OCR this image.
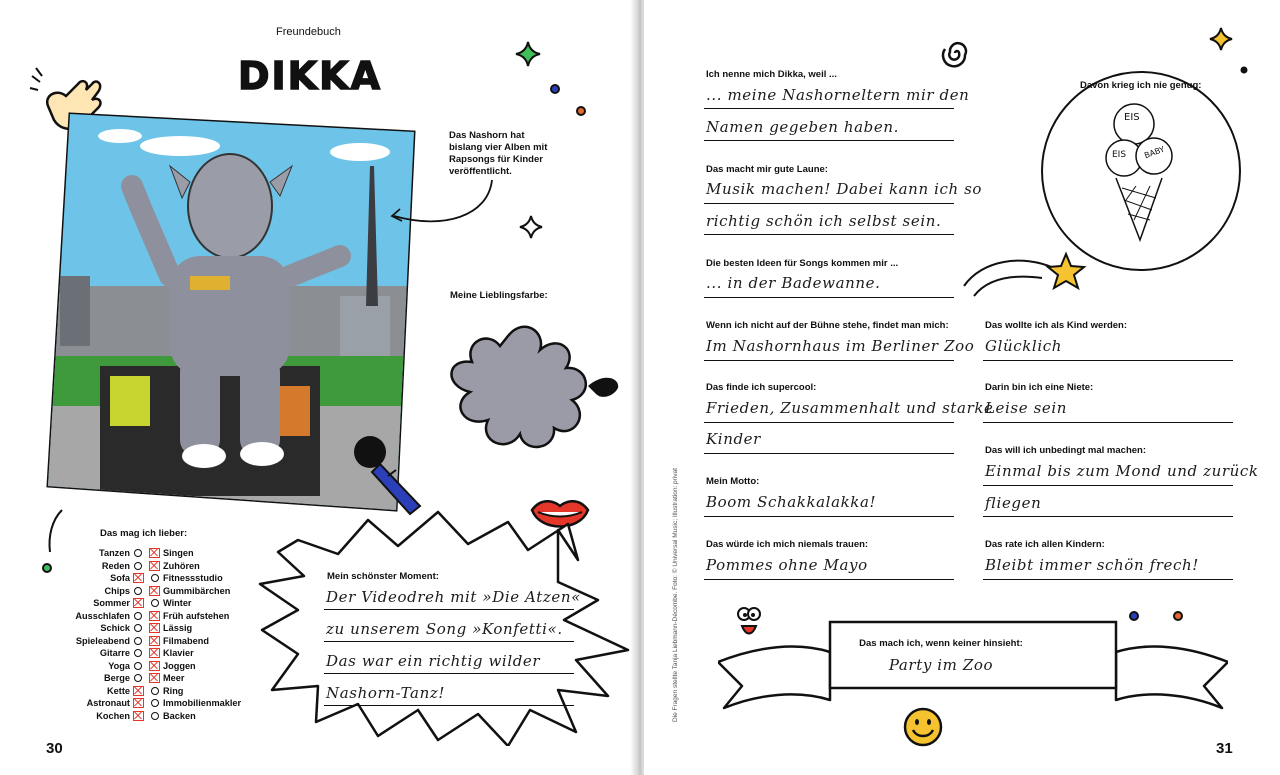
Freundebuch
DIKKA
Das Nashorn hat bislang vier Alben mit Rapsongs für Kinder veröffentlicht.
Meine Lieblingsfarbe:
Das mag ich lieber:
Tanzen	Singen
Reden	Zuhören
Sofa	Fitnessstudio
Chips	Gummibärchen
Sommer	Winter
Ausschlafen	Früh aufstehen
Schick	Lässig
Spieleabend	Filmabend
Gitarre	Klavier
Yoga	Joggen
Berge	Meer
Kette	Ring
Astronaut	Immobilienmakler
Kochen	Backen
Mein schönster Moment:
Der Videodreh mit »Die Atzen«
zu unserem Song »Konfetti«.
Das war ein richtig wilder
Nashorn-Tanz!
30
Die Fragen stellte Tanja Liebmann-Décombe. Foto: © Universal Music; Illustration: privat
Ich nenne mich Dikka, weil ...
... meine Nashorneltern mir den
Namen gegeben haben.
Das macht mir gute Laune:
Musik machen! Dabei kann ich so
richtig schön ich selbst sein.
Die besten Ideen für Songs kommen mir ...
... in der Badewanne.
Davon krieg ich nie genug:
EIS
EIS BABY
Wenn ich nicht auf der Bühne stehe, findet man mich:
Im Nashornhaus im Berliner Zoo
Das wollte ich als Kind werden:
Glücklich
Das finde ich supercool:
Frieden, Zusammenhalt und starke
Kinder
Darin bin ich eine Niete:
Leise sein
Das will ich unbedingt mal machen:
Einmal bis zum Mond und zurück
fliegen
Mein Motto:
Boom Schakkalakka!
Das würde ich mich niemals trauen:
Pommes ohne Mayo
Das rate ich allen Kindern:
Bleibt immer schön frech!
Das mach ich, wenn keiner hinsieht:
Party im Zoo
31
